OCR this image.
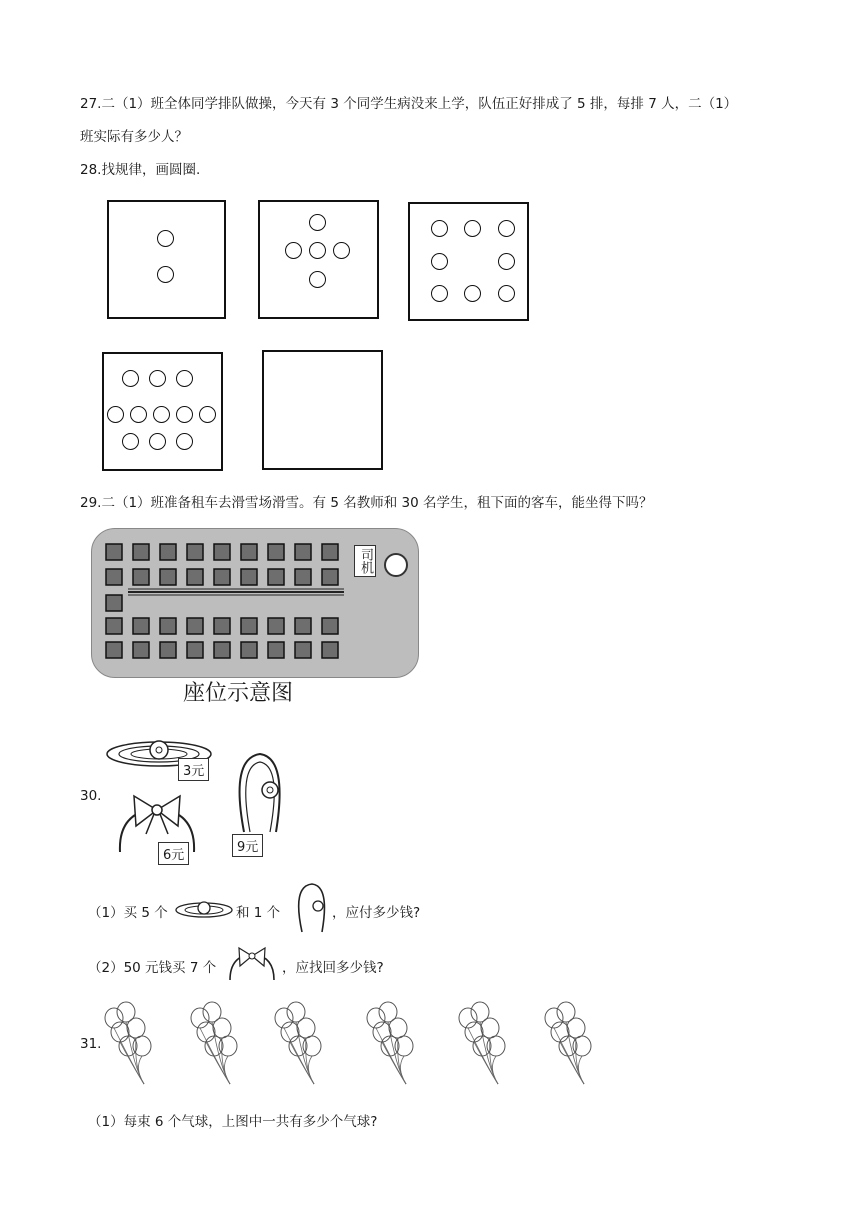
27.二（1）班全体同学排队做操，今天有 3 个同学生病没来上学，队伍正好排成了 5 排，每排 7 人，二（1）
班实际有多少人？
28.找规律，画圆圈.
29.二（1）班准备租车去滑雪场滑雪。有 5 名教师和 30 名学生，租下面的客车，能坐得下吗？
司机
座位示意图
30.
3元
6元
9元
（1）买 5 个	和 1 个	，应付多少钱?
（2）50 元钱买 7 个	，应找回多少钱?
31.
（1）每束 6 个气球，上图中一共有多少个气球?
